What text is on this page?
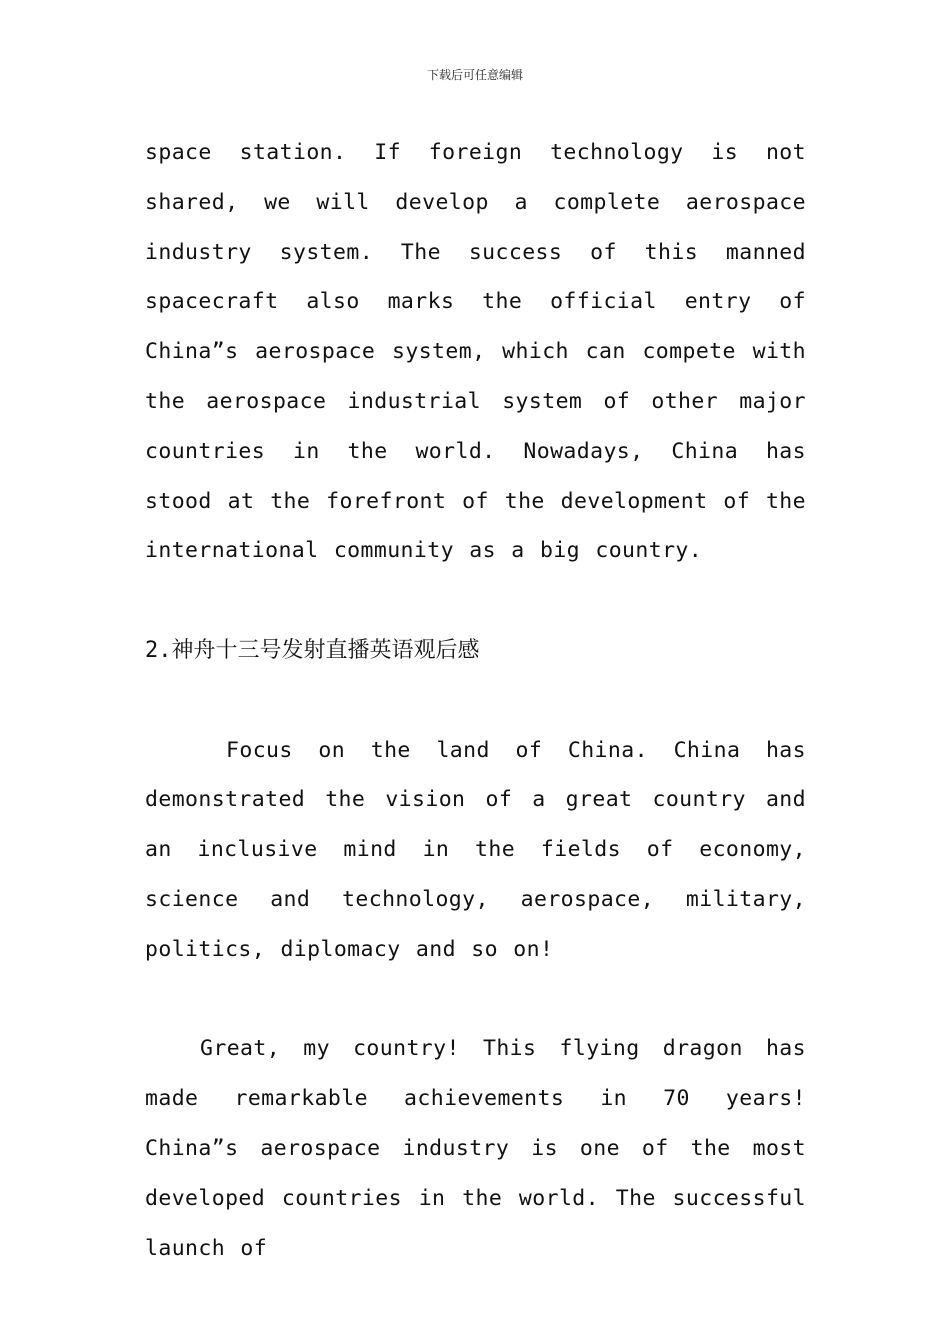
下载后可任意编辑

space station. If foreign technology is not shared, we will develop a complete aerospace industry system. The success of this manned spacecraft also marks the official entry of China”s aerospace system, which can compete with the aerospace industrial system of other major countries in the world. Nowadays, China has stood at the forefront of the development of the international community as a big country.

2.神舟十三号发射直播英语观后感

Focus on the land of China. China has demonstrated the vision of a great country and an inclusive mind in the fields of economy, science and technology, aerospace, military, politics, diplomacy and so on!

Great, my country! This flying dragon has made remarkable achievements in 70 years! China”s aerospace industry is one of the most developed countries in the world. The successful launch of
